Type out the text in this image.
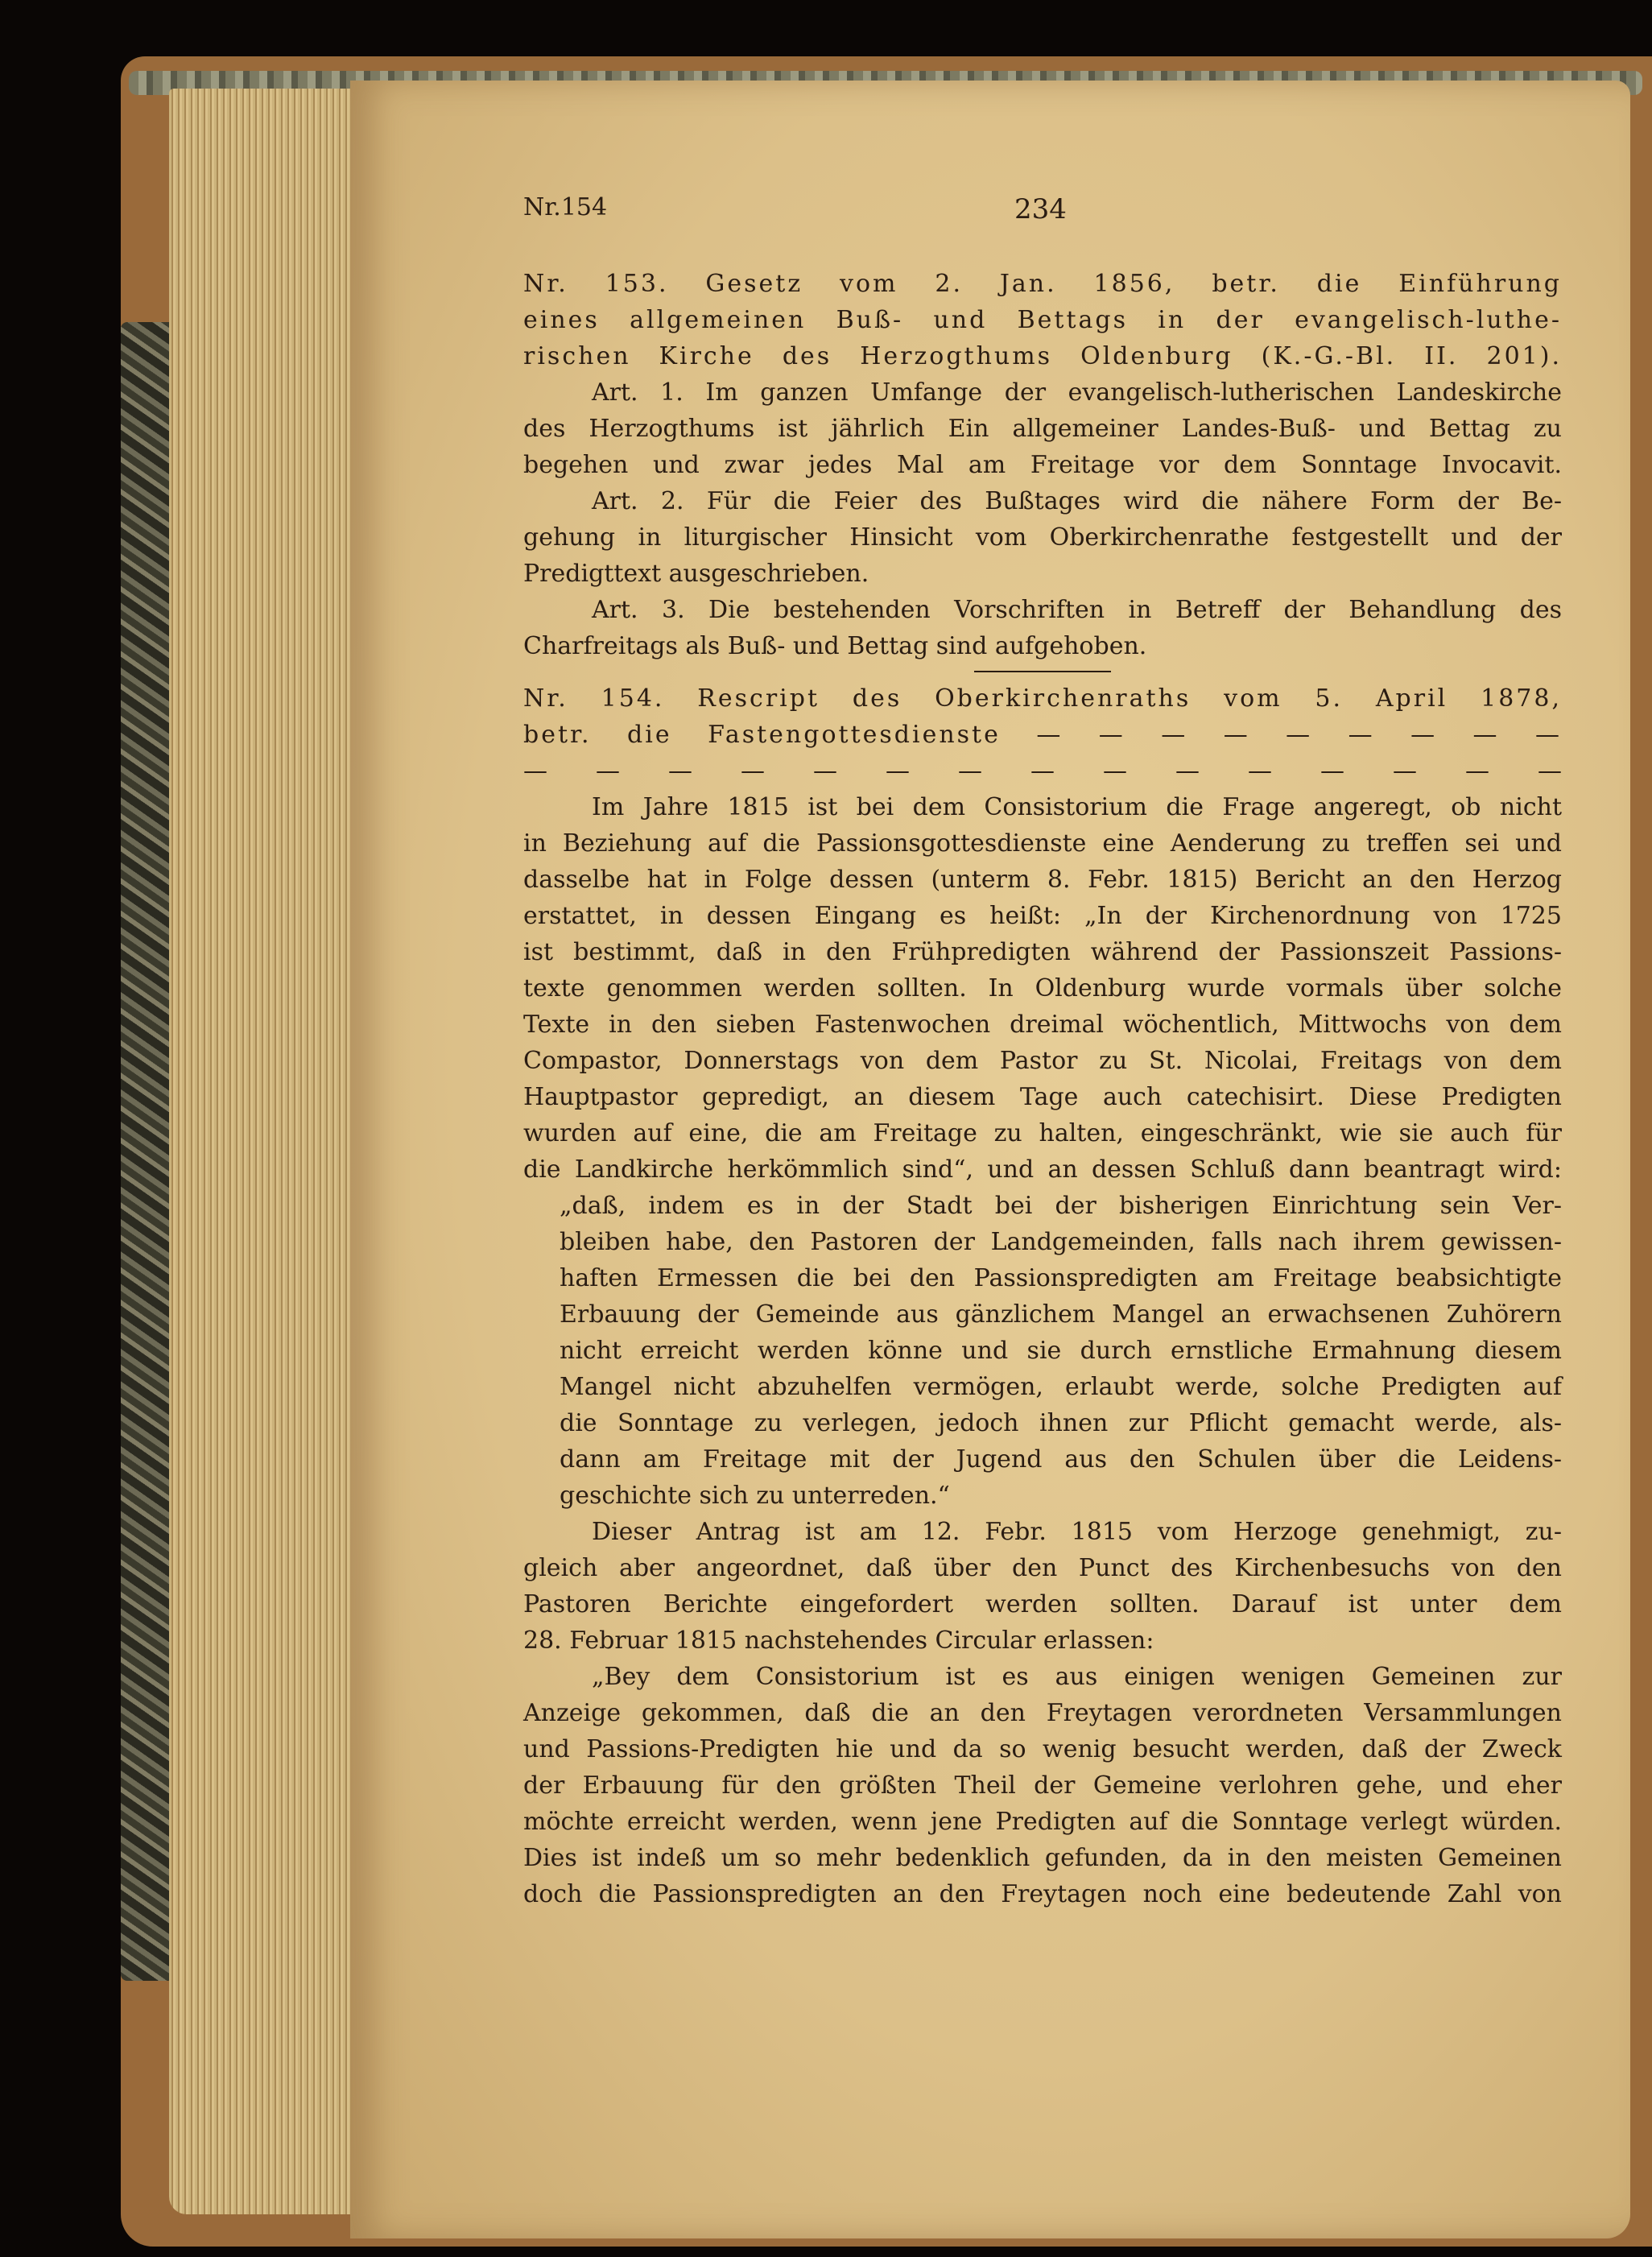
Nr.154	234
Nr. 153. Gesetz vom 2. Jan. 1856, betr. die Einführung
eines allgemeinen Buß- und Bettags in der evangelisch-luthe-
rischen Kirche des Herzogthums Oldenburg (K.-G.-Bl. II. 201).
Art. 1. Im ganzen Umfange der evangelisch-lutherischen Landeskirche
des Herzogthums ist jährlich Ein allgemeiner Landes-Buß- und Bettag zu
begehen und zwar jedes Mal am Freitage vor dem Sonntage Invocavit.
Art. 2. Für die Feier des Bußtages wird die nähere Form der Be-
gehung in liturgischer Hinsicht vom Oberkirchenrathe festgestellt und der
Predigttext ausgeschrieben.
Art. 3. Die bestehenden Vorschriften in Betreff der Behandlung des
Charfreitags als Buß- und Bettag sind aufgehoben.
Nr. 154. Rescript des Oberkirchenraths vom 5. April 1878,
betr. die Fastengottesdienste — — — — — — — — —
— — — — — — — — — — — — — — —
Im Jahre 1815 ist bei dem Consistorium die Frage angeregt, ob nicht
in Beziehung auf die Passionsgottesdienste eine Aenderung zu treffen sei und
dasselbe hat in Folge dessen (unterm 8. Febr. 1815) Bericht an den Herzog
erstattet, in dessen Eingang es heißt: „In der Kirchenordnung von 1725
ist bestimmt, daß in den Frühpredigten während der Passionszeit Passions-
texte genommen werden sollten. In Oldenburg wurde vormals über solche
Texte in den sieben Fastenwochen dreimal wöchentlich, Mittwochs von dem
Compastor, Donnerstags von dem Pastor zu St. Nicolai, Freitags von dem
Hauptpastor gepredigt, an diesem Tage auch catechisirt. Diese Predigten
wurden auf eine, die am Freitage zu halten, eingeschränkt, wie sie auch für
die Landkirche herkömmlich sind“, und an dessen Schluß dann beantragt wird:
„daß, indem es in der Stadt bei der bisherigen Einrichtung sein Ver-
bleiben habe, den Pastoren der Landgemeinden, falls nach ihrem gewissen-
haften Ermessen die bei den Passionspredigten am Freitage beabsichtigte
Erbauung der Gemeinde aus gänzlichem Mangel an erwachsenen Zuhörern
nicht erreicht werden könne und sie durch ernstliche Ermahnung diesem
Mangel nicht abzuhelfen vermögen, erlaubt werde, solche Predigten auf
die Sonntage zu verlegen, jedoch ihnen zur Pflicht gemacht werde, als-
dann am Freitage mit der Jugend aus den Schulen über die Leidens-
geschichte sich zu unterreden.“
Dieser Antrag ist am 12. Febr. 1815 vom Herzoge genehmigt, zu-
gleich aber angeordnet, daß über den Punct des Kirchenbesuchs von den
Pastoren Berichte eingefordert werden sollten. Darauf ist unter dem
28. Februar 1815 nachstehendes Circular erlassen:
„Bey dem Consistorium ist es aus einigen wenigen Gemeinen zur
Anzeige gekommen, daß die an den Freytagen verordneten Versammlungen
und Passions-Predigten hie und da so wenig besucht werden, daß der Zweck
der Erbauung für den größten Theil der Gemeine verlohren gehe, und eher
möchte erreicht werden, wenn jene Predigten auf die Sonntage verlegt würden.
Dies ist indeß um so mehr bedenklich gefunden, da in den meisten Gemeinen
doch die Passionspredigten an den Freytagen noch eine bedeutende Zahl von
